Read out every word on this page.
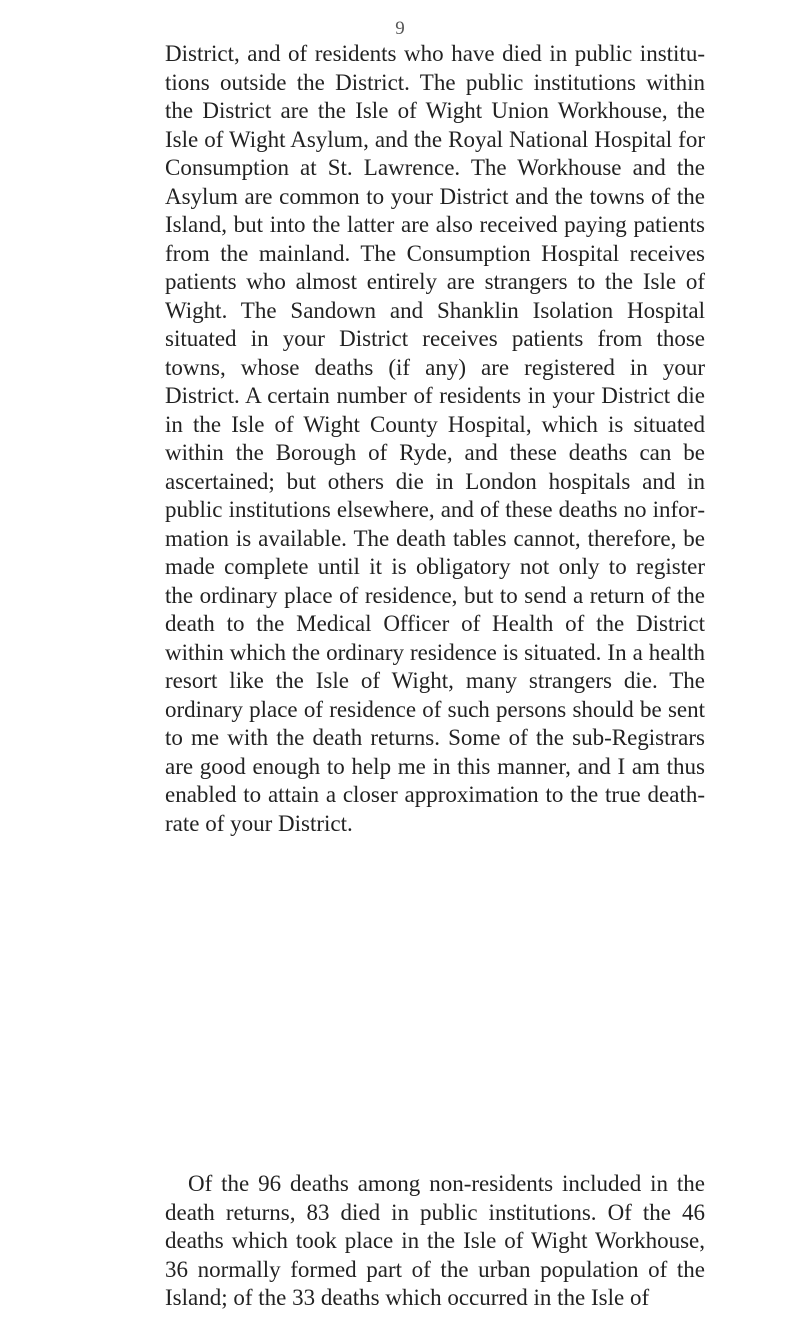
9

District, and of residents who have died in public institutions outside the District. The public institutions within the District are the Isle of Wight Union Workhouse, the Isle of Wight Asylum, and the Royal National Hospital for Consumption at St. Lawrence. The Workhouse and the Asylum are common to your District and the towns of the Island, but into the latter are also received paying patients from the mainland. The Consumption Hospital receives patients who almost entirely are strangers to the Isle of Wight. The Sandown and Shanklin Isolation Hospital situated in your District receives patients from those towns, whose deaths (if any) are registered in your District. A certain number of residents in your District die in the Isle of Wight County Hospital, which is situated within the Borough of Ryde, and these deaths can be ascertained; but others die in London hospitals and in public institutions elsewhere, and of these deaths no information is available. The death tables cannot, therefore, be made complete until it is obligatory not only to register the ordinary place of residence, but to send a return of the death to the Medical Officer of Health of the District within which the ordinary residence is situated. In a health resort like the Isle of Wight, many strangers die. The ordinary place of residence of such persons should be sent to me with the death returns. Some of the sub-Registrars are good enough to help me in this manner, and I am thus enabled to attain a closer approximation to the true death-rate of your District.

Of the 96 deaths among non-residents included in the death returns, 83 died in public institutions. Of the 46 deaths which took place in the Isle of Wight Workhouse, 36 normally formed part of the urban population of the Island; of the 33 deaths which occurred in the Isle of
